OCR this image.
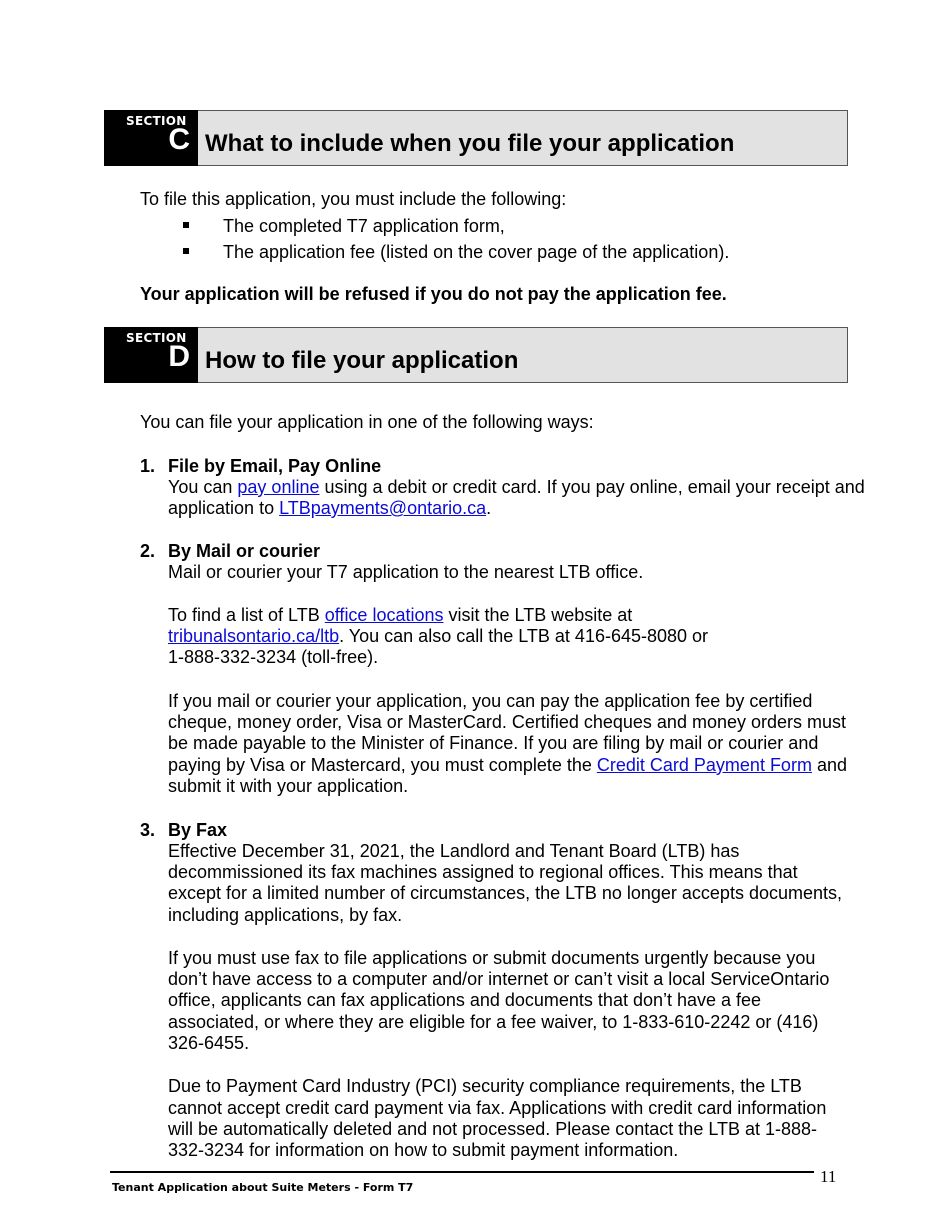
SECTION
C What to include when you file your application
To file this application, you must include the following:
The completed T7 application form,
The application fee (listed on the cover page of the application).
Your application will be refused if you do not pay the application fee.
SECTION
D How to file your application
You can file your application in one of the following ways:
1. File by Email, Pay Online
You can pay online using a debit or credit card. If you pay online, email your receipt and
application to LTBpayments@ontario.ca.
2. By Mail or courier
Mail or courier your T7 application to the nearest LTB office.
To find a list of LTB office locations visit the LTB website at
tribunalsontario.ca/ltb. You can also call the LTB at 416-645-8080 or
1-888-332-3234 (toll-free).
If you mail or courier your application, you can pay the application fee by certified
cheque, money order, Visa or MasterCard. Certified cheques and money orders must
be made payable to the Minister of Finance. If you are filing by mail or courier and
paying by Visa or Mastercard, you must complete the Credit Card Payment Form and
submit it with your application.
3. By Fax
Effective December 31, 2021, the Landlord and Tenant Board (LTB) has
decommissioned its fax machines assigned to regional offices. This means that
except for a limited number of circumstances, the LTB no longer accepts documents,
including applications, by fax.
If you must use fax to file applications or submit documents urgently because you
don’t have access to a computer and/or internet or can’t visit a local ServiceOntario
office, applicants can fax applications and documents that don’t have a fee
associated, or where they are eligible for a fee waiver, to 1-833-610-2242 or (416)
326-6455.
Due to Payment Card Industry (PCI) security compliance requirements, the LTB
cannot accept credit card payment via fax. Applications with credit card information
will be automatically deleted and not processed. Please contact the LTB at 1-888-
332-3234 for information on how to submit payment information.
11
Tenant Application about Suite Meters - Form T7
